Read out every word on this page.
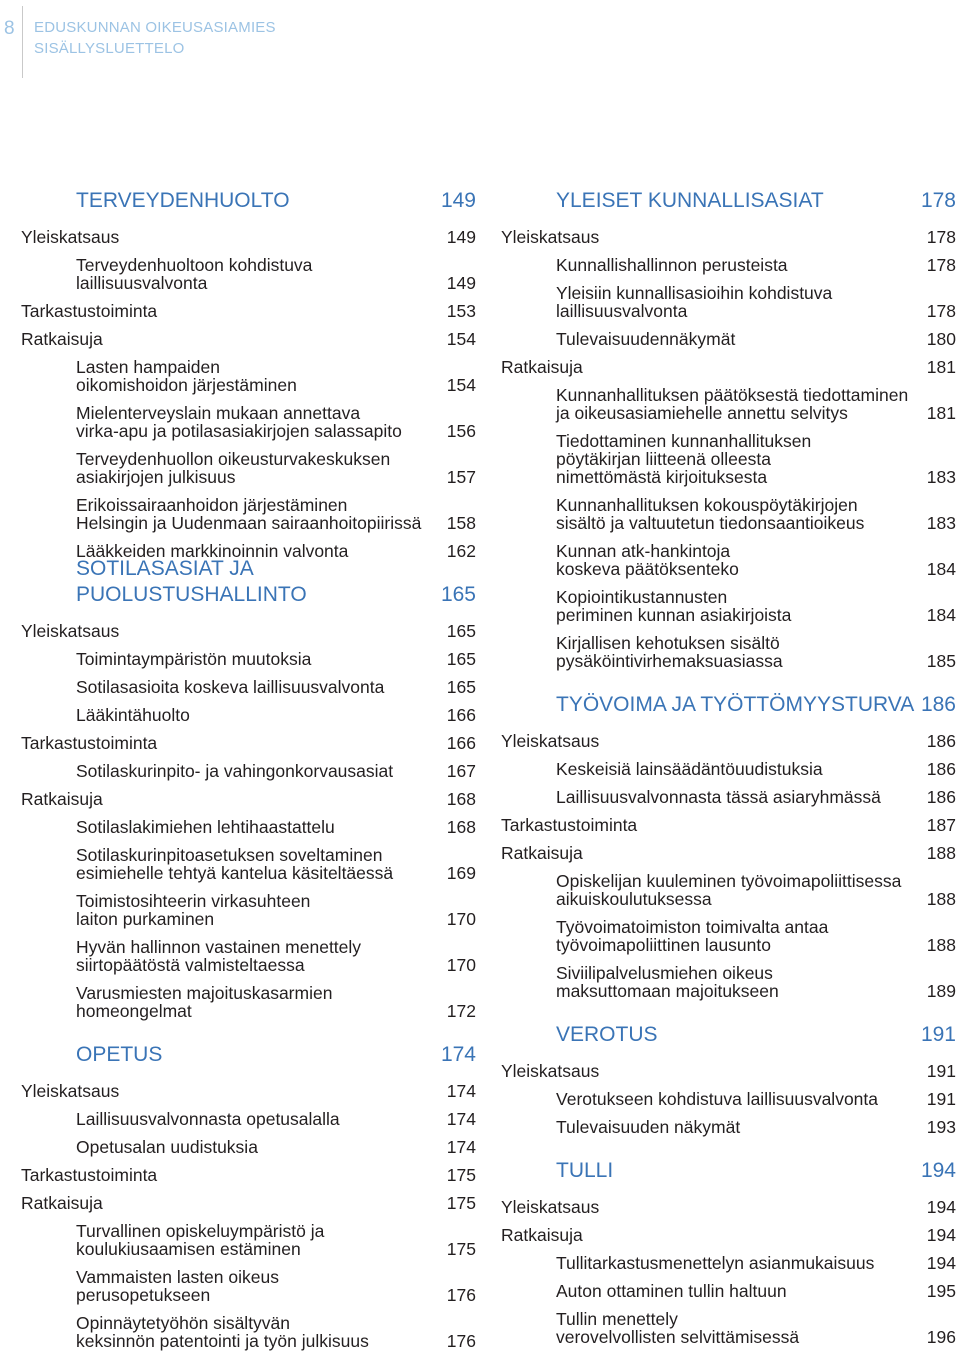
8 EDUSKUNNAN OIKEUSASIAMIES
SISÄLLYSLUETTELO
TERVEYDENHUOLTO	149
Yleiskatsaus	149
Terveydenhuoltoon kohdistuva
laillisuusvalvonta	149
Tarkastustoiminta	153
Ratkaisuja	154
Lasten hampaiden
oikomishoidon järjestäminen	154
Mielenterveyslain mukaan annettava
virka-apu ja potilasasiakirjojen salassapito	156
Terveydenhuollon oikeusturvakeskuksen
asiakirjojen julkisuus	157
Erikoissairaanhoidon järjestäminen
Helsingin ja Uudenmaan sairaanhoitopiirissä	158
Lääkkeiden markkinoinnin valvonta	162
SOTILASASIAT JA PUOLUSTUSHALLINTO	165
Yleiskatsaus	165
Toimintaympäristön muutoksia	165
Sotilasasioita koskeva laillisuusvalvonta	165
Lääkintähuolto	166
Tarkastustoiminta	166
Sotilaskurinpito- ja vahingonkorvausasiat	167
Ratkaisuja	168
Sotilaslakimiehen lehtihaastattelu	168
Sotilaskurinpitoasetuksen soveltaminen
esimiehelle tehtyä kantelua käsiteltäessä	169
Toimistosihteerin virkasuhteen
laiton purkaminen	170
Hyvän hallinnon vastainen menettely
siirtopäätöstä valmisteltaessa	170
Varusmiesten majoituskasarmien
homeongelmat	172
OPETUS	174
Yleiskatsaus	174
Laillisuusvalvonnasta opetusalalla	174
Opetusalan uudistuksia	174
Tarkastustoiminta	175
Ratkaisuja	175
Turvallinen opiskeluympäristö ja
koulukiusaamisen estäminen	175
Vammaisten lasten oikeus
perusopetukseen	176
Opinnäytetyöhön sisältyvän
keksinnön patentointi ja työn julkisuus	176
YLEISET KUNNALLISASIAT	178
Yleiskatsaus	178
Kunnallishallinnon perusteista	178
Yleisiin kunnallisasioihin kohdistuva
laillisuusvalvonta	178
Tulevaisuudennäkymät	180
Ratkaisuja	181
Kunnanhallituksen päätöksestä tiedottaminen
ja oikeusasiamiehelle annettu selvitys	181
Tiedottaminen kunnanhallituksen
pöytäkirjan liitteenä olleesta
nimettömästä kirjoituksesta	183
Kunnanhallituksen kokouspöytäkirjojen
sisältö ja valtuutetun tiedonsaantioikeus	183
Kunnan atk-hankintoja
koskeva päätöksenteko	184
Kopiointikustannusten
periminen kunnan asiakirjoista	184
Kirjallisen kehotuksen sisältö
pysäköintivirhemaksuasiassa	185
TYÖVOIMA JA TYÖTTÖMYYSTURVA 186
Yleiskatsaus	186
Keskeisiä lainsäädäntöuudistuksia	186
Laillisuusvalvonnasta tässä asiaryhmässä	186
Tarkastustoiminta	187
Ratkaisuja	188
Opiskelijan kuuleminen työvoimapoliittisessa
aikuiskoulutuksessa	188
Työvoimatoimiston toimivalta antaa
työvoimapoliittinen lausunto	188
Siviilipalvelusmiehen oikeus
maksuttomaan majoitukseen	189
VEROTUS	191
Yleiskatsaus	191
Verotukseen kohdistuva laillisuusvalvonta	191
Tulevaisuuden näkymät	193
TULLI	194
Yleiskatsaus	194
Ratkaisuja	194
Tullitarkastusmenettelyn asianmukaisuus	194
Auton ottaminen tullin haltuun	195
Tullin menettely
verovelvollisten selvittämisessä	196
